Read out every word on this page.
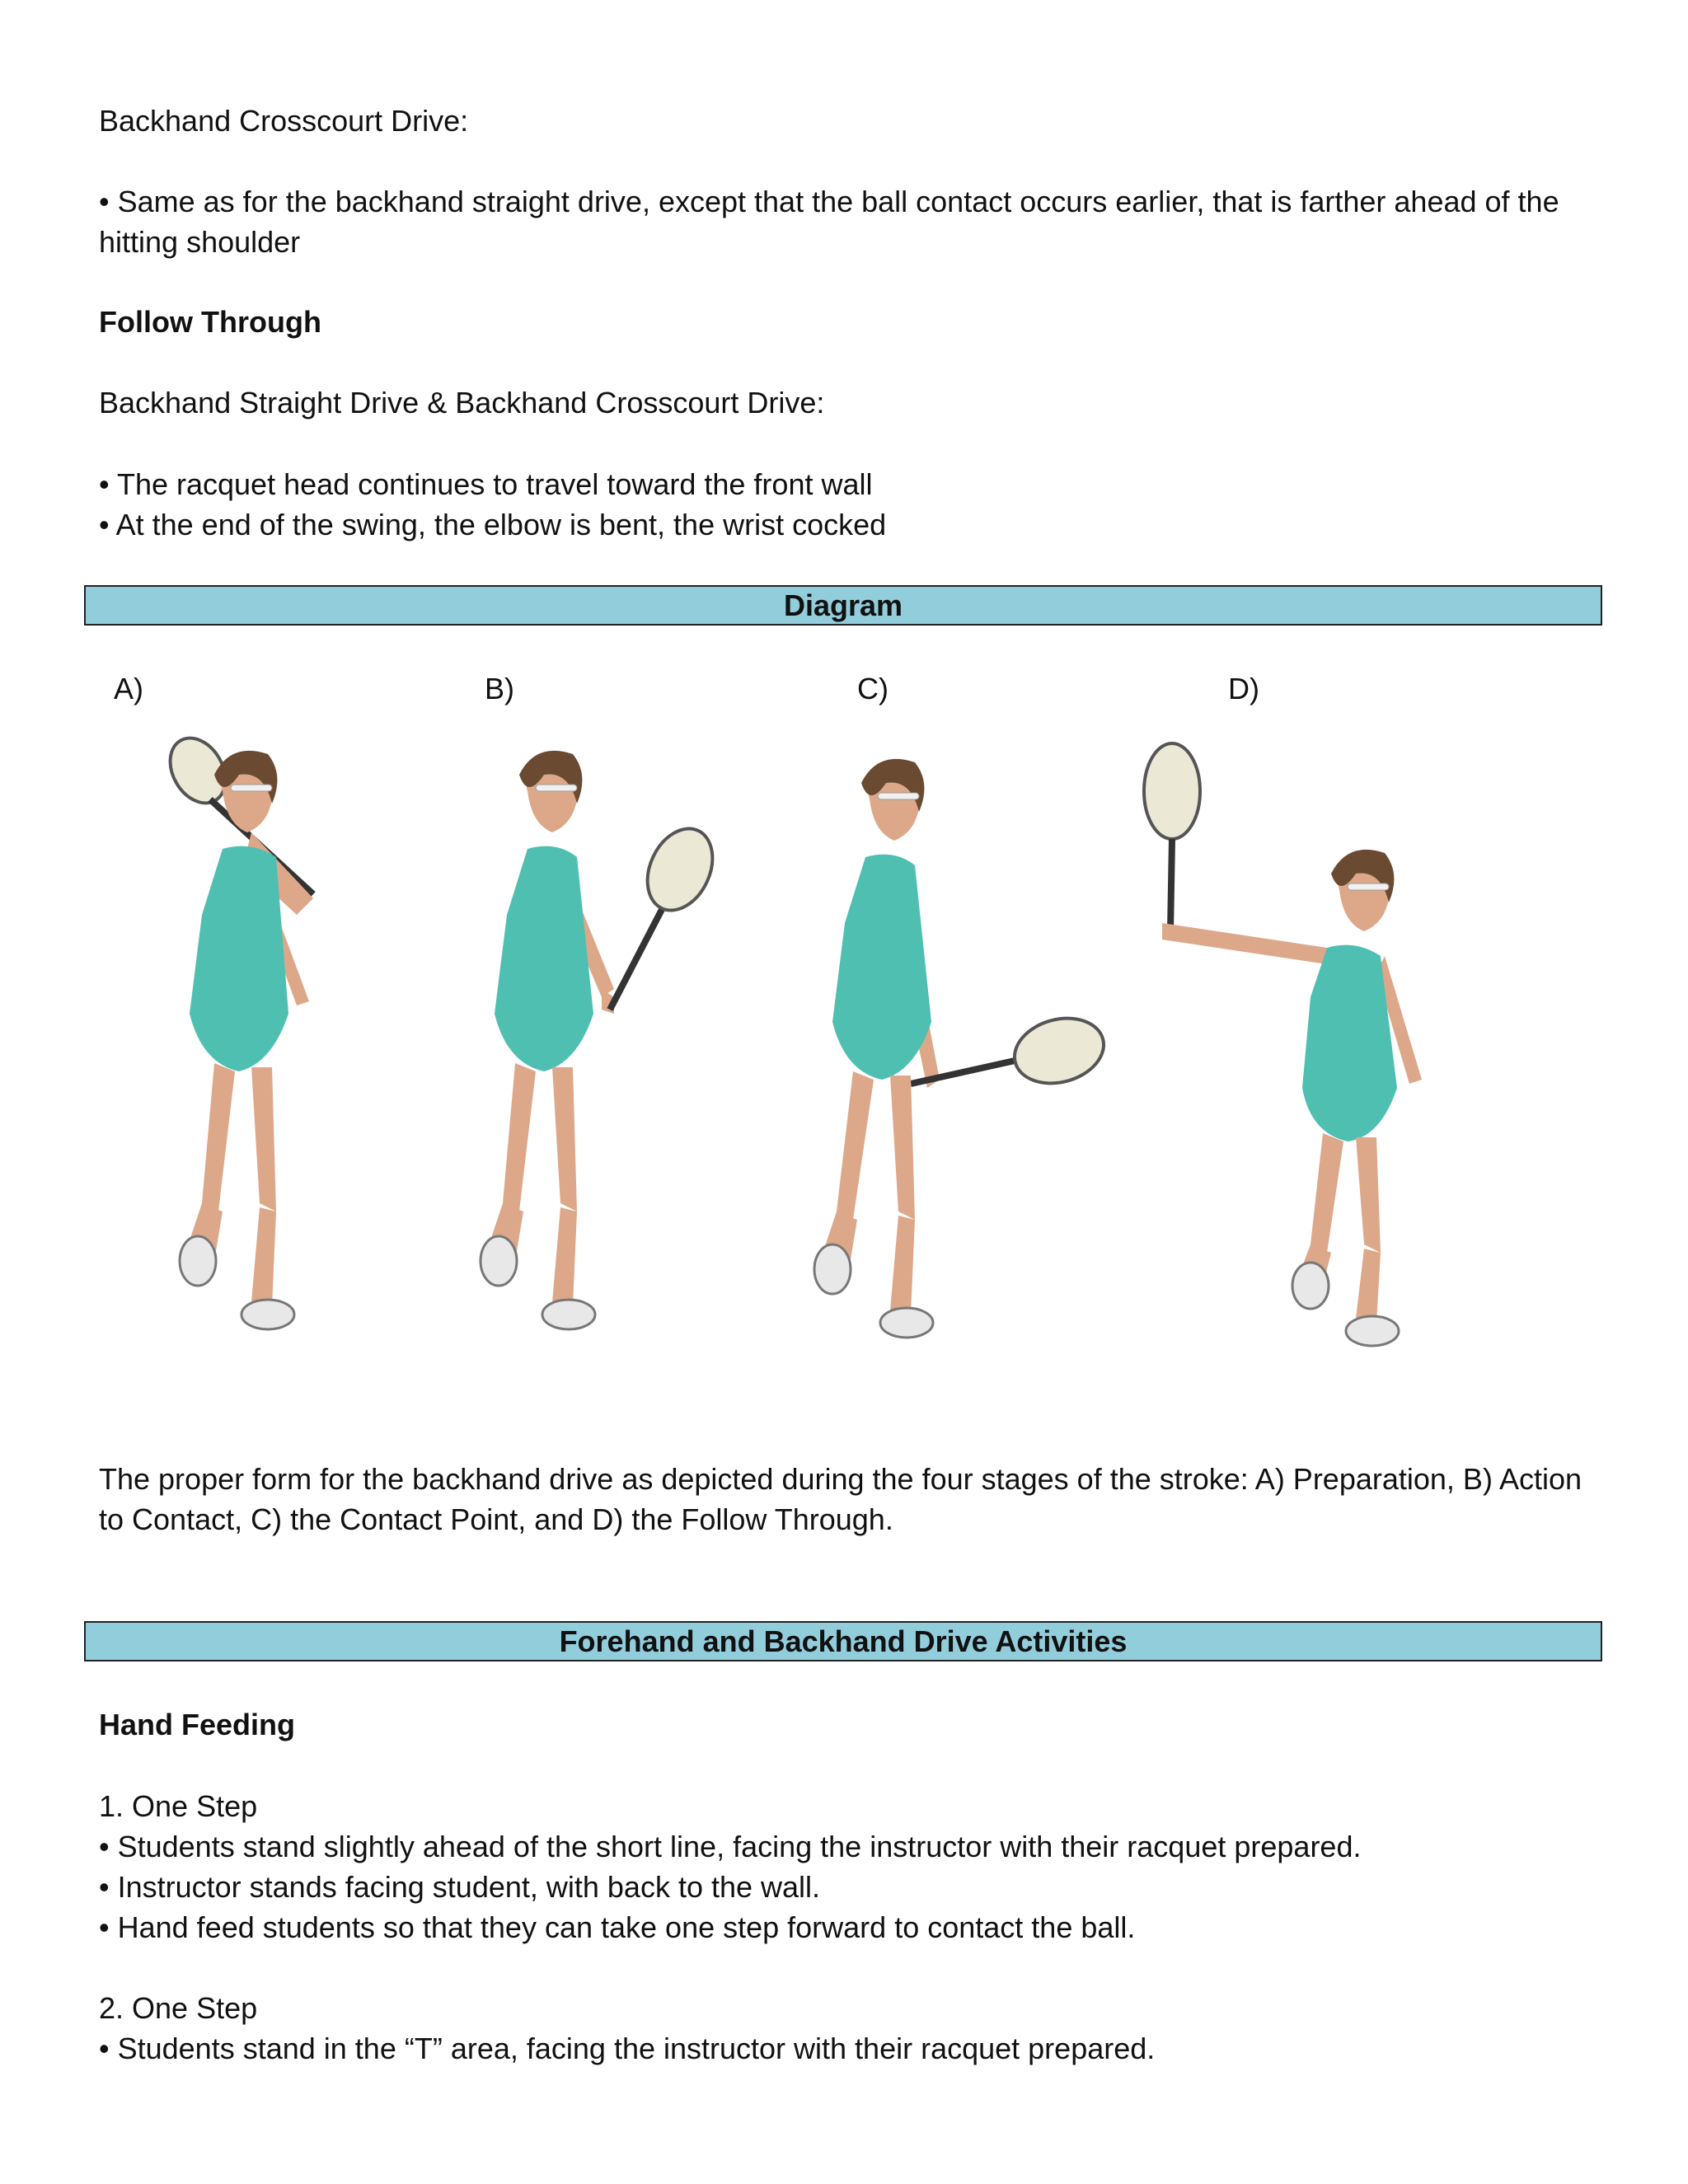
Backhand Crosscourt Drive:
• Same as for the backhand straight drive, except that the ball contact occurs earlier, that is farther ahead of the hitting shoulder
Follow Through
Backhand Straight Drive & Backhand Crosscourt Drive:
• The racquet head continues to travel toward the front wall
• At the end of the swing, the elbow is bent, the wrist cocked
Diagram
A)	B)	C)	D)
The proper form for the backhand drive as depicted during the four stages of the stroke: A) Preparation, B) Action to Contact, C) the Contact Point, and D) the Follow Through.
Forehand and Backhand Drive Activities
Hand Feeding
1. One Step
• Students stand slightly ahead of the short line, facing the instructor with their racquet prepared.
• Instructor stands facing student, with back to the wall.
• Hand feed students so that they can take one step forward to contact the ball.
2. One Step
• Students stand in the “T” area, facing the instructor with their racquet prepared.
